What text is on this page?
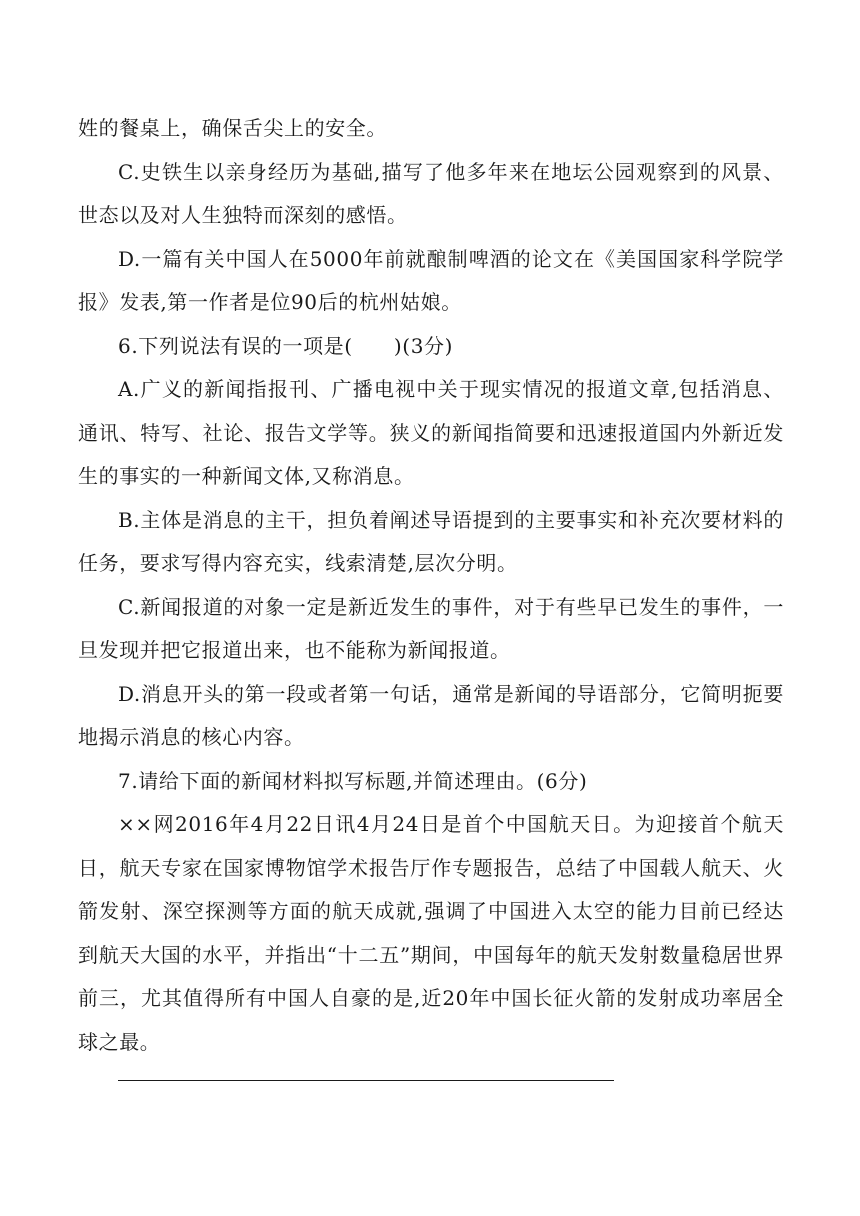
姓的餐桌上，确保舌尖上的安全。

C.史铁生以亲身经历为基础,描写了他多年来在地坛公园观察到的风景、世态以及对人生独特而深刻的感悟。

D.一篇有关中国人在5000年前就酿制啤酒的论文在《美国国家科学院学报》发表,第一作者是位90后的杭州姑娘。

6.下列说法有误的一项是(　　)(3分)

A.广义的新闻指报刊、广播电视中关于现实情况的报道文章,包括消息、通讯、特写、社论、报告文学等。狭义的新闻指简要和迅速报道国内外新近发生的事实的一种新闻文体,又称消息。

B.主体是消息的主干，担负着阐述导语提到的主要事实和补充次要材料的任务，要求写得内容充实，线索清楚,层次分明。

C.新闻报道的对象一定是新近发生的事件，对于有些早已发生的事件，一旦发现并把它报道出来，也不能称为新闻报道。

D.消息开头的第一段或者第一句话，通常是新闻的导语部分，它简明扼要地揭示消息的核心内容。

7.请给下面的新闻材料拟写标题,并简述理由。(6分)

××网2016年4月22日讯4月24日是首个中国航天日。为迎接首个航天日，航天专家在国家博物馆学术报告厅作专题报告，总结了中国载人航天、火箭发射、深空探测等方面的航天成就,强调了中国进入太空的能力目前已经达到航天大国的水平，并指出“十二五”期间，中国每年的航天发射数量稳居世界前三，尤其值得所有中国人自豪的是,近20年中国长征火箭的发射成功率居全球之最。
